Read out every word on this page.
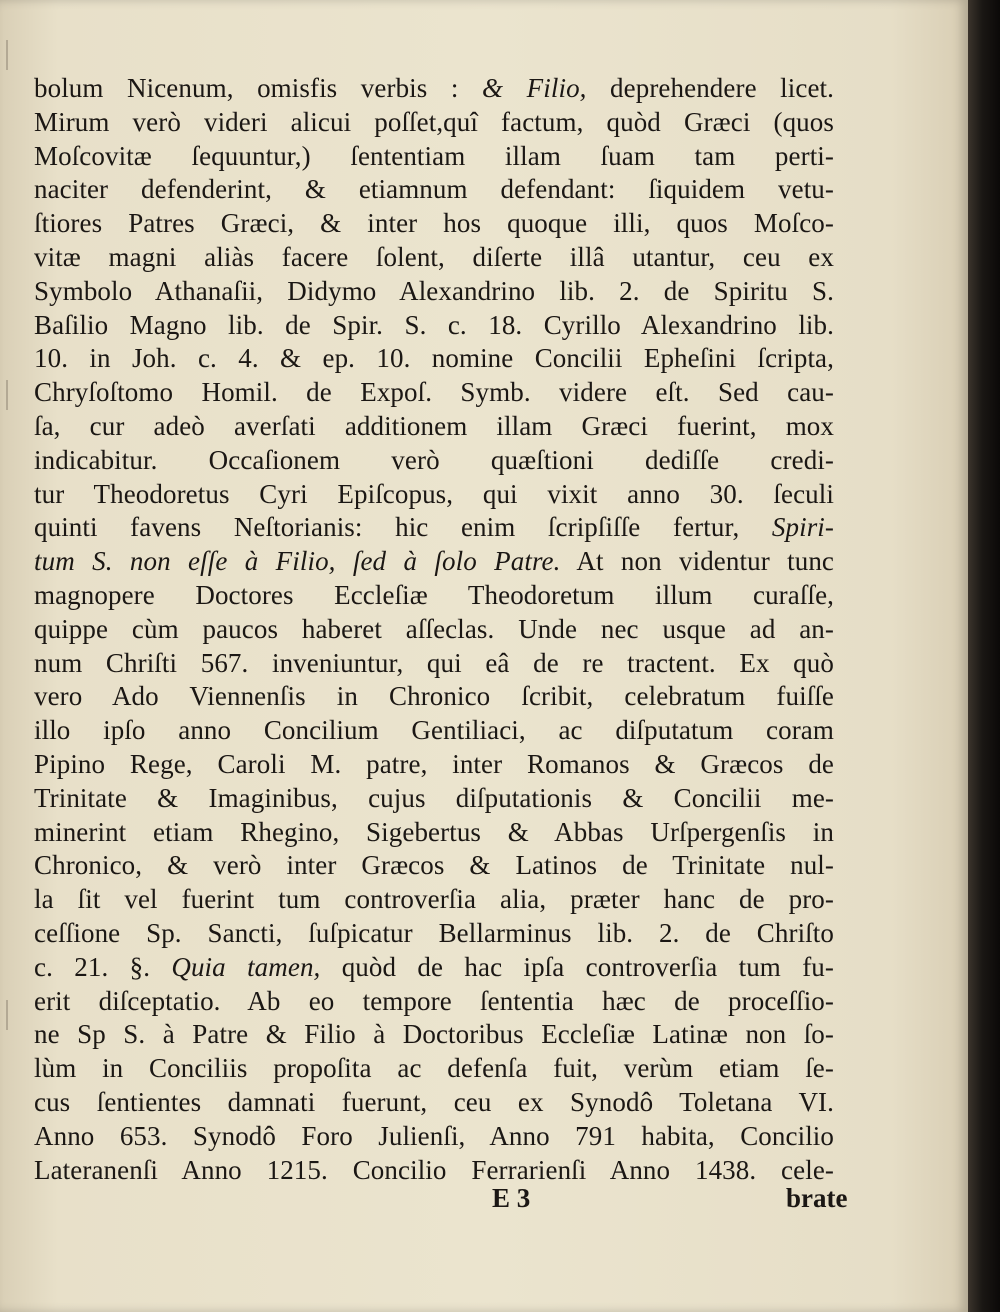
bolum Nicenum, omisfis verbis : & Filio, deprehendere licet.
Mirum verò videri alicui poſſet,quî factum, quòd Græci (quos
Moſcovitæ ſequuntur,) ſententiam illam ſuam tam perti-
naciter defenderint, & etiamnum defendant: ſiquidem vetu-
ſtiores Patres Græci, & inter hos quoque illi, quos Moſco-
vitæ magni aliàs facere ſolent, diſerte illâ utantur, ceu ex
Symbolo Athanaſii, Didymo Alexandrino lib. 2. de Spiritu S.
Baſilio Magno lib. de Spir. S. c. 18. Cyrillo Alexandrino lib.
10. in Joh. c. 4. & ep. 10. nomine Concilii Epheſini ſcripta,
Chryſoſtomo Homil. de Expoſ. Symb. videre eſt. Sed cau-
ſa, cur adeò averſati additionem illam Græci fuerint, mox
indicabitur. Occaſionem verò quæſtioni dediſſe credi-
tur Theodoretus Cyri Epiſcopus, qui vixit anno 30. ſeculi
quinti favens Neſtorianis: hic enim ſcripſiſſe fertur, Spiri-
tum S. non eſſe à Filio, ſed à ſolo Patre. At non videntur tunc
magnopere Doctores Eccleſiæ Theodoretum illum curaſſe,
quippe cùm paucos haberet aſſeclas. Unde nec usque ad an-
num Chriſti 567. inveniuntur, qui eâ de re tractent. Ex quò
vero Ado Viennenſis in Chronico ſcribit, celebratum fuiſſe
illo ipſo anno Concilium Gentiliaci, ac diſputatum coram
Pipino Rege, Caroli M. patre, inter Romanos & Græcos de
Trinitate & Imaginibus, cujus diſputationis & Concilii me-
minerint etiam Rhegino, Sigebertus & Abbas Urſpergenſis in
Chronico, & verò inter Græcos & Latinos de Trinitate nul-
la ſit vel fuerint tum controverſia alia, præter hanc de pro-
ceſſione Sp. Sancti, ſuſpicatur Bellarminus lib. 2. de Chriſto
c. 21. §. Quia tamen, quòd de hac ipſa controverſia tum fu-
erit diſceptatio. Ab eo tempore ſententia hæc de proceſſio-
ne Sp S. à Patre & Filio à Doctoribus Eccleſiæ Latinæ non ſo-
lùm in Conciliis propoſita ac defenſa fuit, verùm etiam ſe-
cus ſentientes damnati fuerunt, ceu ex Synodô Toletana VI.
Anno 653. Synodô Foro Julienſi, Anno 791 habita, Concilio
Lateranenſi Anno 1215. Concilio Ferrarienſi Anno 1438. cele-
E 3	brate
